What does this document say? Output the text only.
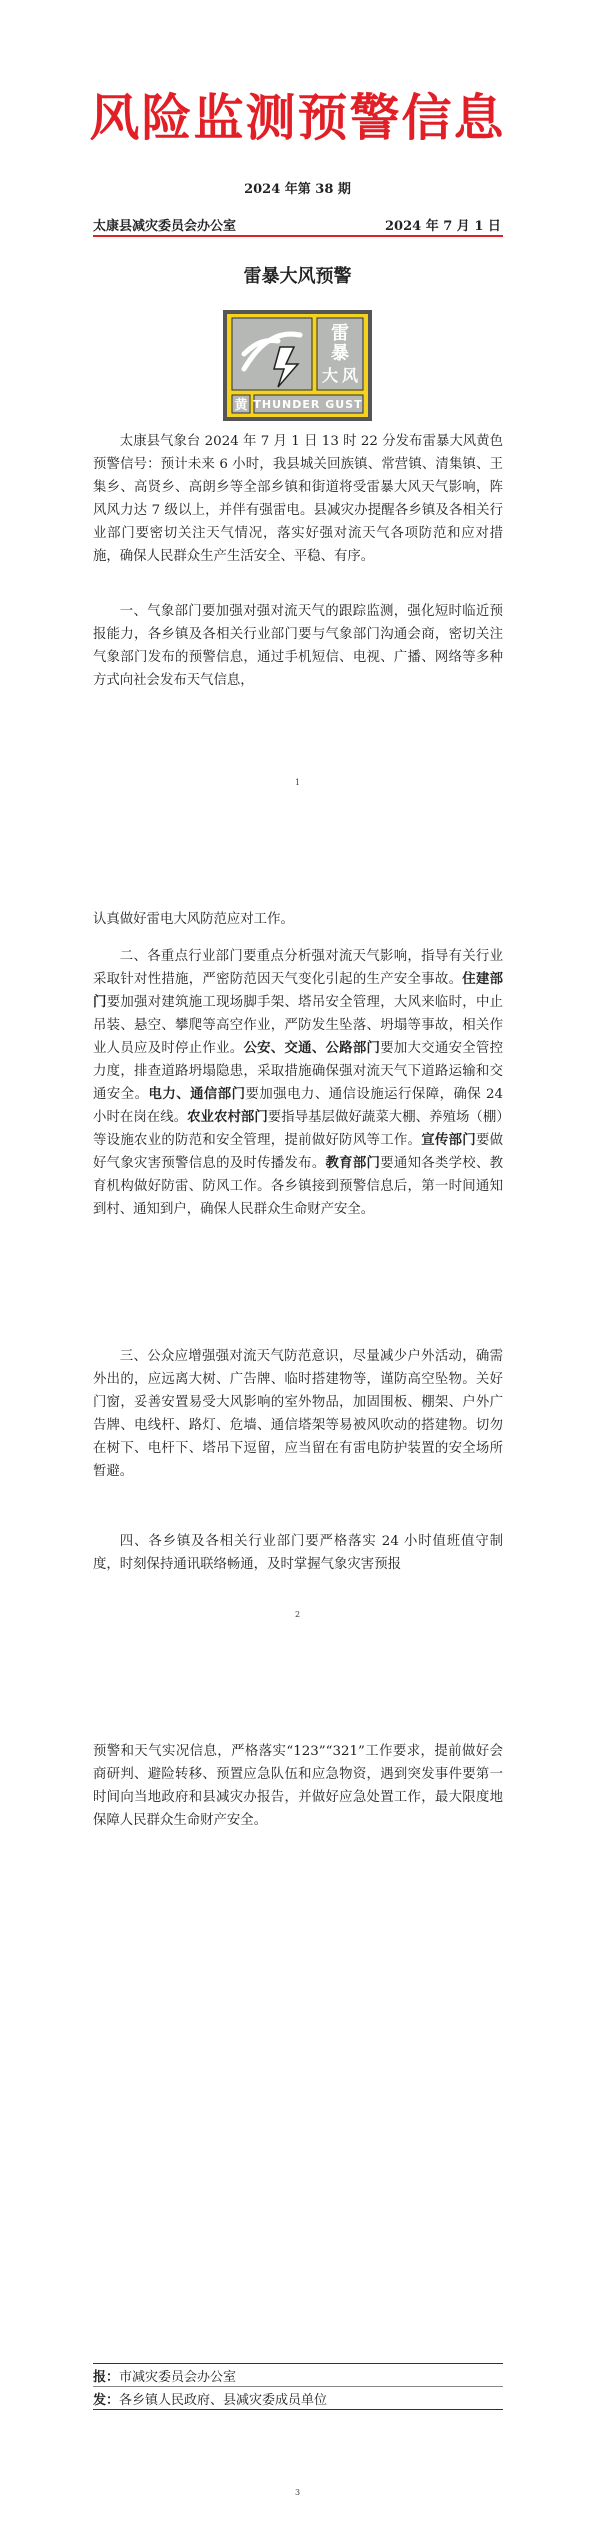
风险监测预警信息
2024 年第 38 期
太康县减灾委员会办公室	2024 年 7 月 1 日
雷暴大风预警
雷
暴
大 风
黄 THUNDER GUST

太康县气象台 2024 年 7 月 1 日 13 时 22 分发布雷暴大风黄色预警信号：预计未来 6 小时，我县城关回族镇、常营镇、清集镇、王集乡、高贤乡、高朗乡等全部乡镇和街道将受雷暴大风天气影响，阵风风力达 7 级以上，并伴有强雷电。县减灾办提醒各乡镇及各相关行业部门要密切关注天气情况，落实好强对流天气各项防范和应对措施，确保人民群众生产生活安全、平稳、有序。

一、气象部门要加强对强对流天气的跟踪监测，强化短时临近预报能力，各乡镇及各相关行业部门要与气象部门沟通会商，密切关注气象部门发布的预警信息，通过手机短信、电视、广播、网络等多种方式向社会发布天气信息，

1

认真做好雷电大风防范应对工作。

二、各重点行业部门要重点分析强对流天气影响，指导有关行业采取针对性措施，严密防范因天气变化引起的生产安全事故。住建部门要加强对建筑施工现场脚手架、塔吊安全管理，大风来临时，中止吊装、悬空、攀爬等高空作业，严防发生坠落、坍塌等事故，相关作业人员应及时停止作业。公安、交通、公路部门要加大交通安全管控力度，排查道路坍塌隐患，采取措施确保强对流天气下道路运输和交通安全。电力、通信部门要加强电力、通信设施运行保障，确保 24 小时在岗在线。农业农村部门要指导基层做好蔬菜大棚、养殖场（棚）等设施农业的防范和安全管理，提前做好防风等工作。宣传部门要做好气象灾害预警信息的及时传播发布。教育部门要通知各类学校、教育机构做好防雷、防风工作。各乡镇接到预警信息后，第一时间通知到村、通知到户，确保人民群众生命财产安全。

三、公众应增强强对流天气防范意识，尽量减少户外活动，确需外出的，应远离大树、广告牌、临时搭建物等，谨防高空坠物。关好门窗，妥善安置易受大风影响的室外物品，加固围板、棚架、户外广告牌、电线杆、路灯、危墙、通信塔架等易被风吹动的搭建物。切勿在树下、电杆下、塔吊下逗留，应当留在有雷电防护装置的安全场所暂避。

四、各乡镇及各相关行业部门要严格落实 24 小时值班值守制度，时刻保持通讯联络畅通，及时掌握气象灾害预报

2

预警和天气实况信息，严格落实“123”“321”工作要求，提前做好会商研判、避险转移、预置应急队伍和应急物资，遇到突发事件要第一时间向当地政府和县减灾办报告，并做好应急处置工作，最大限度地保障人民群众生命财产安全。

报：市减灾委员会办公室
发：各乡镇人民政府、县减灾委成员单位
3
